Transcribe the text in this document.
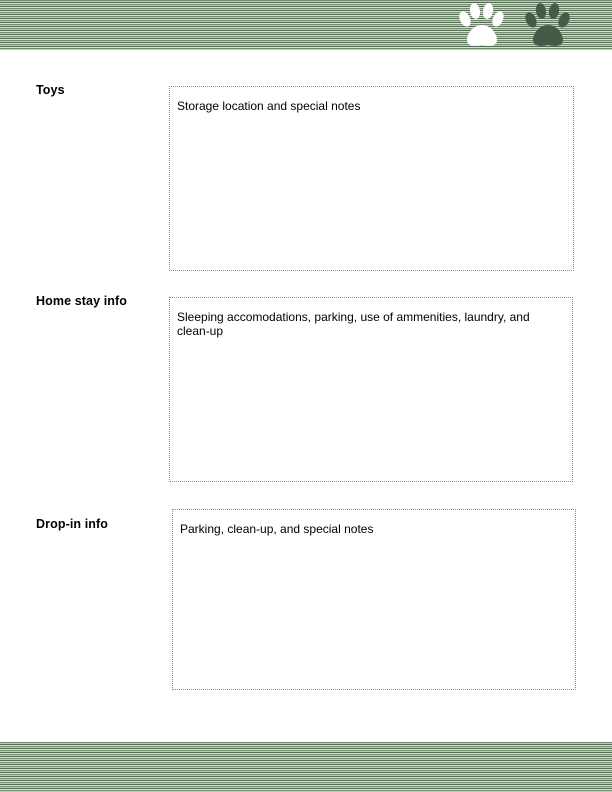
Toys
Storage location and special notes
Home stay info
Sleeping accomodations, parking, use of ammenities, laundry, and clean-up
Drop-in info	Parking, clean-up, and special notes
